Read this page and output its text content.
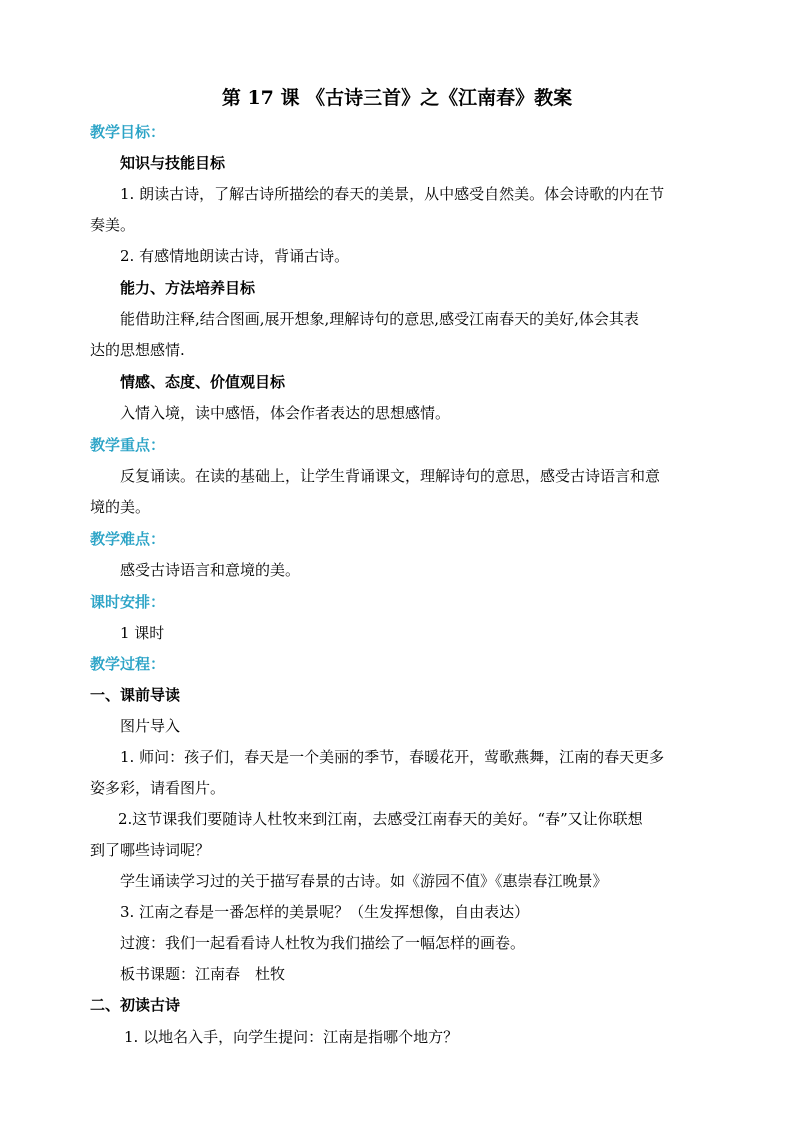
第 17 课 《古诗三首》之《江南春》教案
教学目标：
知识与技能目标
1. 朗读古诗，了解古诗所描绘的春天的美景，从中感受自然美。体会诗歌的内在节
奏美。
2. 有感情地朗读古诗，背诵古诗。
能力、方法培养目标
能借助注释,结合图画,展开想象,理解诗句的意思,感受江南春天的美好,体会其表
达的思想感情.
情感、态度、价值观目标
入情入境，读中感悟，体会作者表达的思想感情。
教学重点：
反复诵读。在读的基础上，让学生背诵课文，理解诗句的意思，感受古诗语言和意
境的美。
教学难点：
感受古诗语言和意境的美。
课时安排：
1 课时
教学过程：
一、课前导读
图片导入
1. 师问：孩子们，春天是一个美丽的季节，春暖花开，莺歌燕舞，江南的春天更多
姿多彩，请看图片。
2.这节课我们要随诗人杜牧来到江南，去感受江南春天的美好。“春”又让你联想
到了哪些诗词呢？
学生诵读学习过的关于描写春景的古诗。如《游园不值》《惠崇春江晚景》
3. 江南之春是一番怎样的美景呢？（生发挥想像，自由表达）
过渡：我们一起看看诗人杜牧为我们描绘了一幅怎样的画卷。
板书课题：江南春　杜牧
二、初读古诗
1. 以地名入手，向学生提问：江南是指哪个地方？
